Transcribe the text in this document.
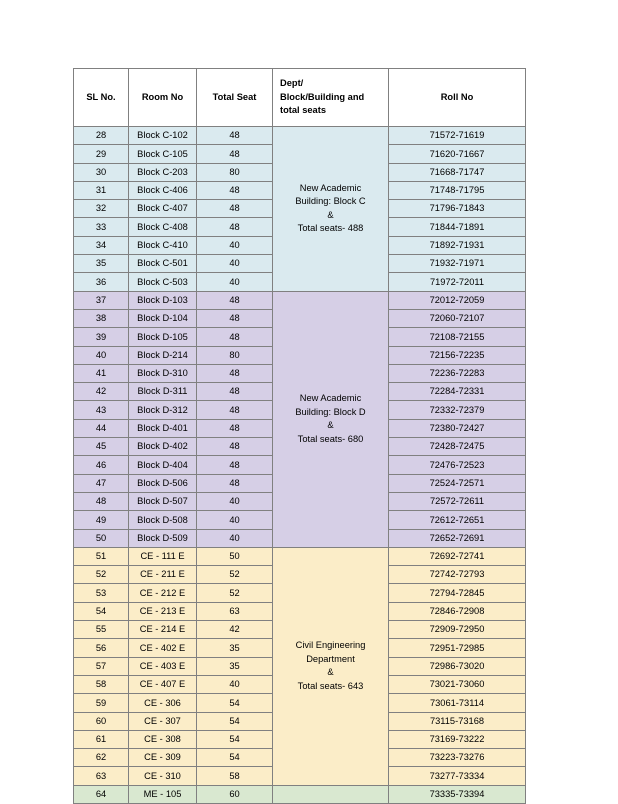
SL No.	Room No	Total Seat	Dept/
Block/Building and
total seats	Roll No
28	Block C-102	48	New Academic
Building: Block C
&
Total seats- 488	71572-71619
29	Block C-105	48		71620-71667
30	Block C-203	80		71668-71747
31	Block C-406	48		71748-71795
32	Block C-407	48		71796-71843
33	Block C-408	48		71844-71891
34	Block C-410	40		71892-71931
35	Block C-501	40		71932-71971
36	Block C-503	40		71972-72011
37	Block D-103	48	New Academic
Building: Block D
&
Total seats- 680	72012-72059
38	Block D-104	48		72060-72107
39	Block D-105	48		72108-72155
40	Block D-214	80		72156-72235
41	Block D-310	48		72236-72283
42	Block D-311	48		72284-72331
43	Block D-312	48		72332-72379
44	Block D-401	48		72380-72427
45	Block D-402	48		72428-72475
46	Block D-404	48		72476-72523
47	Block D-506	48		72524-72571
48	Block D-507	40		72572-72611
49	Block D-508	40		72612-72651
50	Block D-509	40		72652-72691
51	CE - 111 E	50	Civil Engineering
Department
&
Total seats- 643	72692-72741
52	CE - 211 E	52		72742-72793
53	CE - 212 E	52		72794-72845
54	CE - 213 E	63		72846-72908
55	CE - 214 E	42		72909-72950
56	CE - 402 E	35		72951-72985
57	CE - 403 E	35		72986-73020
58	CE - 407 E	40		73021-73060
59	CE - 306	54		73061-73114
60	CE - 307	54		73115-73168
61	CE - 308	54		73169-73222
62	CE - 309	54		73223-73276
63	CE - 310	58		73277-73334
64	ME - 105	60		73335-73394
